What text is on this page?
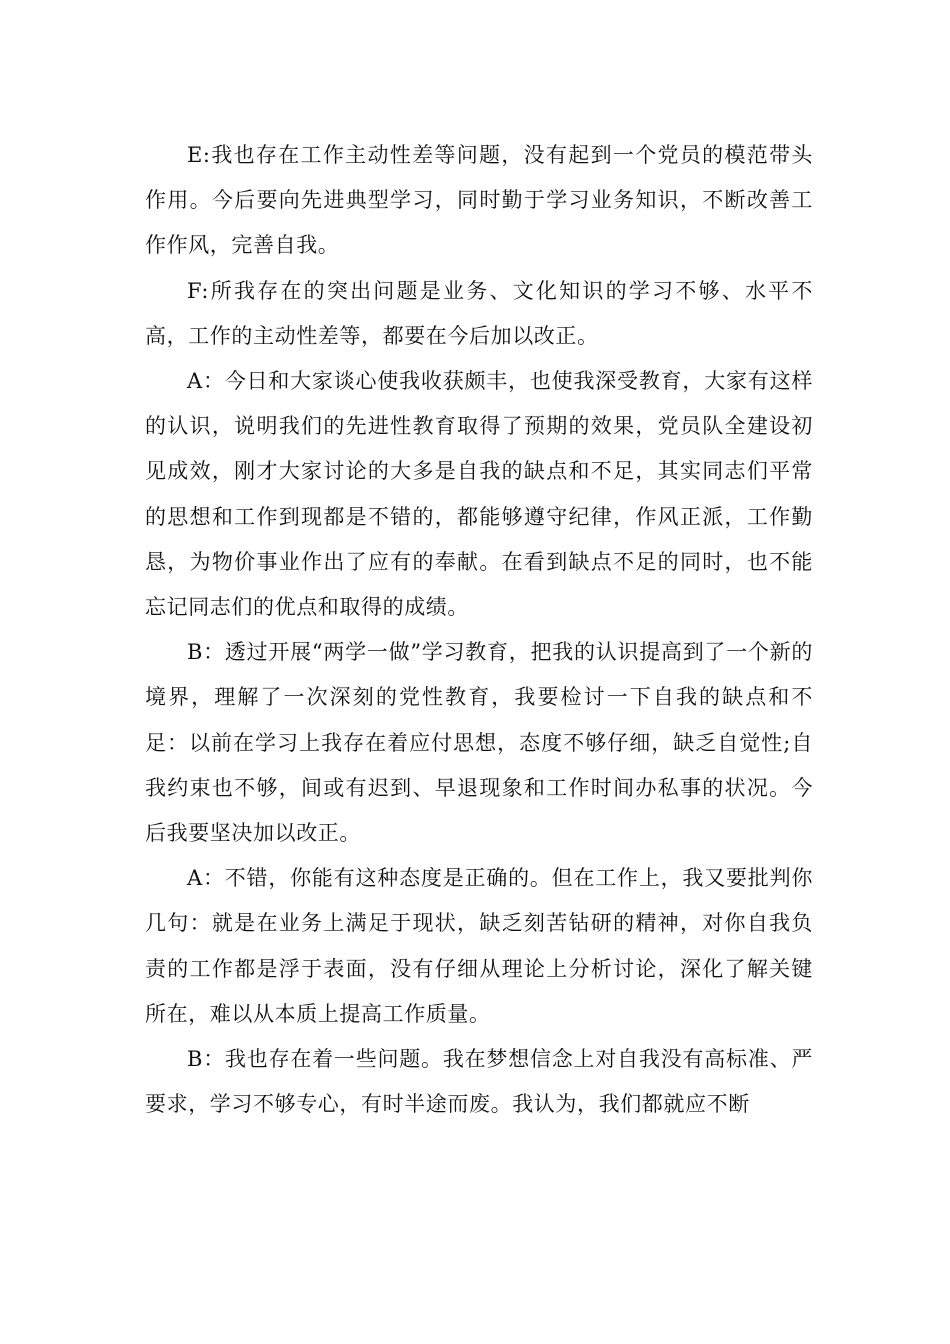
E:我也存在工作主动性差等问题，没有起到一个党员的模范带头作用。今后要向先进典型学习，同时勤于学习业务知识，不断改善工作作风，完善自我。

F:所我存在的突出问题是业务、文化知识的学习不够、水平不高，工作的主动性差等，都要在今后加以改正。

A：今日和大家谈心使我收获颇丰，也使我深受教育，大家有这样的认识，说明我们的先进性教育取得了预期的效果，党员队全建设初见成效，刚才大家讨论的大多是自我的缺点和不足，其实同志们平常的思想和工作到现都是不错的，都能够遵守纪律，作风正派，工作勤恳，为物价事业作出了应有的奉献。在看到缺点不足的同时，也不能忘记同志们的优点和取得的成绩。

B：透过开展“两学一做”学习教育，把我的认识提高到了一个新的境界，理解了一次深刻的党性教育，我要检讨一下自我的缺点和不足：以前在学习上我存在着应付思想，态度不够仔细，缺乏自觉性;自我约束也不够，间或有迟到、早退现象和工作时间办私事的状况。今后我要坚决加以改正。

A：不错，你能有这种态度是正确的。但在工作上，我又要批判你几句：就是在业务上满足于现状，缺乏刻苦钻研的精神，对你自我负责的工作都是浮于表面，没有仔细从理论上分析讨论，深化了解关键所在，难以从本质上提高工作质量。

B：我也存在着一些问题。我在梦想信念上对自我没有高标准、严要求，学习不够专心，有时半途而废。我认为，我们都就应不断
